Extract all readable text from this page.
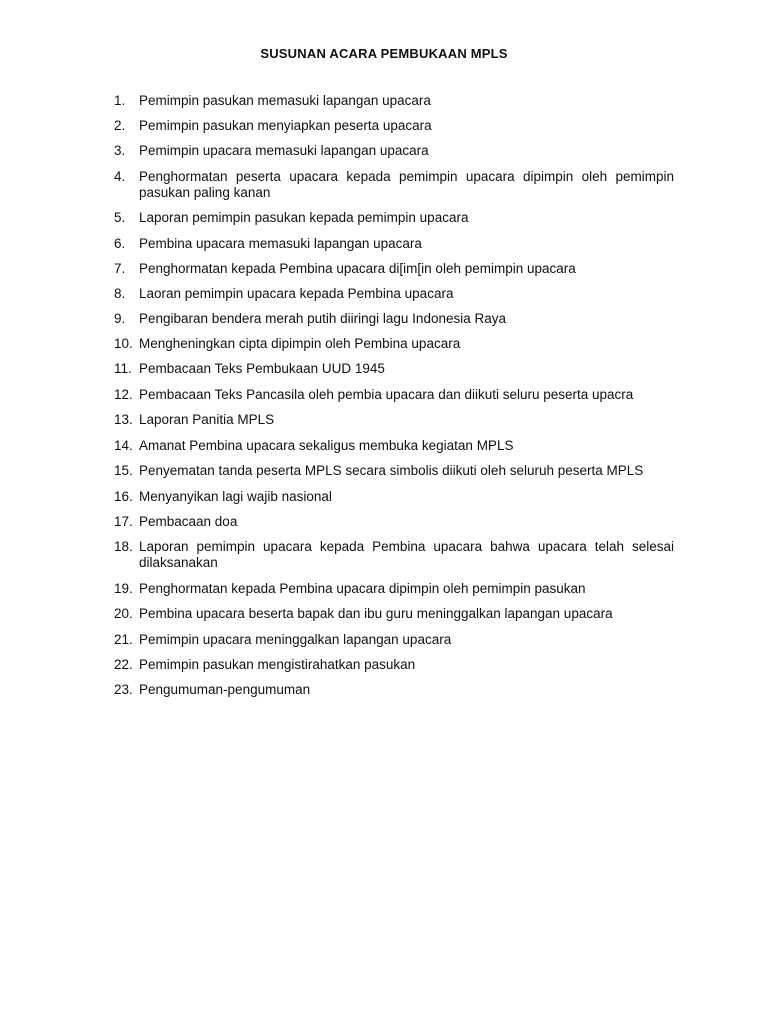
SUSUNAN ACARA PEMBUKAAN MPLS
1.	Pemimpin pasukan memasuki lapangan upacara
2.	Pemimpin pasukan menyiapkan peserta upacara
3.	Pemimpin upacara memasuki lapangan upacara
4.	Penghormatan peserta upacara kepada pemimpin upacara dipimpin oleh pemimpin pasukan paling kanan
5.	Laporan pemimpin pasukan kepada pemimpin upacara
6.	Pembina upacara memasuki lapangan upacara
7.	Penghormatan kepada Pembina upacara di[im[in oleh pemimpin upacara
8.	Laoran pemimpin upacara kepada Pembina upacara
9.	Pengibaran bendera merah putih diiringi lagu Indonesia Raya
10. Mengheningkan cipta dipimpin oleh Pembina upacara
11. Pembacaan Teks Pembukaan UUD 1945
12. Pembacaan Teks Pancasila oleh pembia upacara dan diikuti seluru peserta upacra
13. Laporan Panitia MPLS
14. Amanat Pembina upacara sekaligus membuka kegiatan MPLS
15. Penyematan tanda peserta MPLS secara simbolis diikuti oleh seluruh peserta MPLS
16. Menyanyikan lagi wajib nasional
17. Pembacaan doa
18. Laporan pemimpin upacara kepada Pembina upacara bahwa upacara telah selesai dilaksanakan
19. Penghormatan kepada Pembina upacara dipimpin oleh pemimpin pasukan
20. Pembina upacara beserta bapak dan ibu guru meninggalkan lapangan upacara
21. Pemimpin upacara meninggalkan lapangan upacara
22. Pemimpin pasukan mengistirahatkan pasukan
23. Pengumuman-pengumuman
